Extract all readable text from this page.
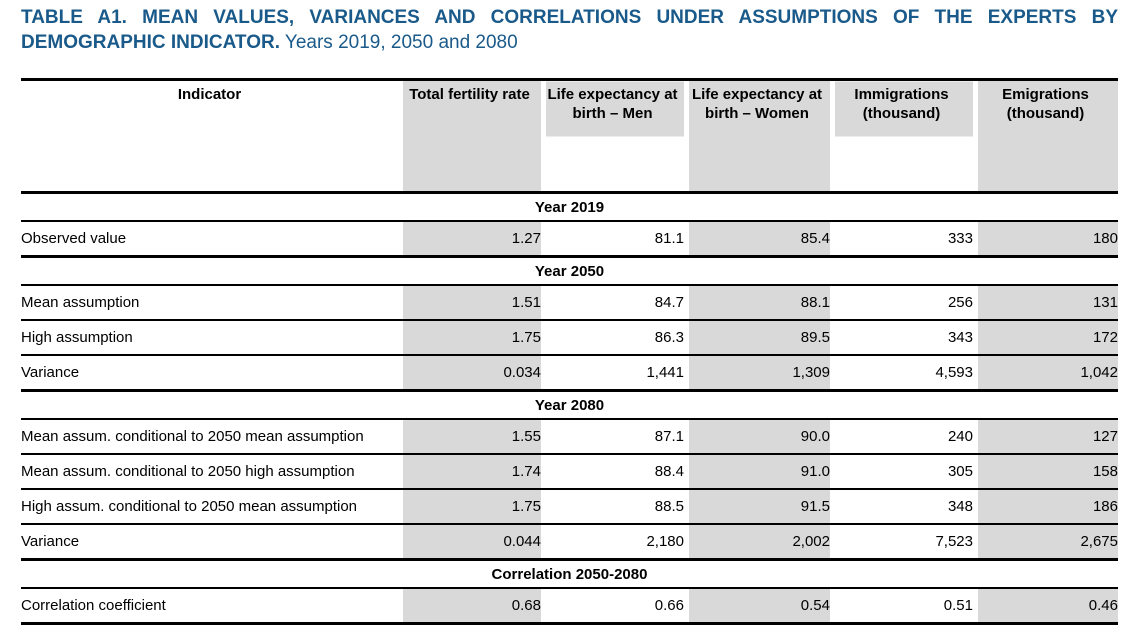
TABLE A1. MEAN VALUES, VARIANCES AND CORRELATIONS UNDER ASSUMPTIONS OF THE EXPERTS BY
DEMOGRAPHIC INDICATOR. Years 2019, 2050 and 2080
Indicator	Total fertility rate	Life expectancy at birth – Men	Life expectancy at birth – Women	Immigrations (thousand)	Emigrations (thousand)
Year 2019					
Observed value	1.27	81.1	85.4	333	180
Year 2050					
Mean assumption	1.51	84.7	88.1	256	131
High assumption	1.75	86.3	89.5	343	172
Variance	0.034	1,441	1,309	4,593	1,042
Year 2080					
Mean assum. conditional to 2050 mean assumption	1.55	87.1	90.0	240	127
Mean assum. conditional to 2050 high assumption	1.74	88.4	91.0	305	158
High assum. conditional to 2050 mean assumption	1.75	88.5	91.5	348	186
Variance	0.044	2,180	2,002	7,523	2,675
Correlation 2050-2080					
Correlation coefficient	0.68	0.66	0.54	0.51	0.46
